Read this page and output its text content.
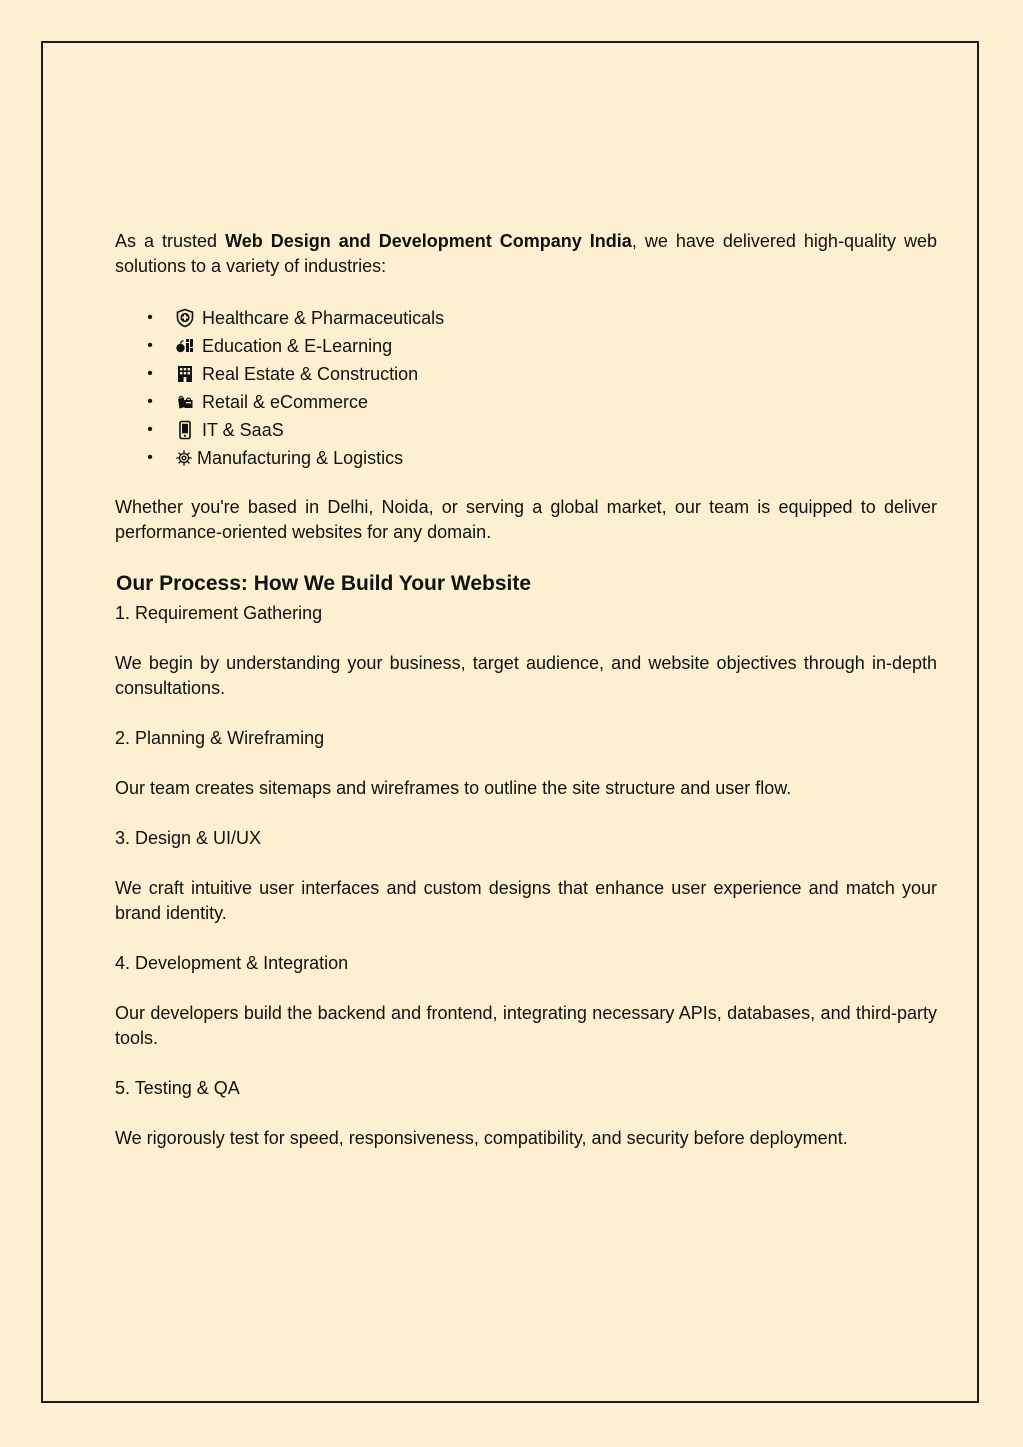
As a trusted Web Design and Development Company India, we have delivered high-quality web solutions to a variety of industries:

•	Healthcare & Pharmaceuticals
•	Education & E-Learning
•	Real Estate & Construction
•	Retail & eCommerce
•	IT & SaaS
• Manufacturing & Logistics

Whether you're based in Delhi, Noida, or serving a global market, our team is equipped to deliver performance-oriented websites for any domain.

Our Process: How We Build Your Website
1. Requirement Gathering

We begin by understanding your business, target audience, and website objectives through in-depth consultations.

2. Planning & Wireframing

Our team creates sitemaps and wireframes to outline the site structure and user flow.

3. Design & UI/UX

We craft intuitive user interfaces and custom designs that enhance user experience and match your brand identity.

4. Development & Integration

Our developers build the backend and frontend, integrating necessary APIs, databases, and third-party tools.

5. Testing & QA

We rigorously test for speed, responsiveness, compatibility, and security before deployment.
